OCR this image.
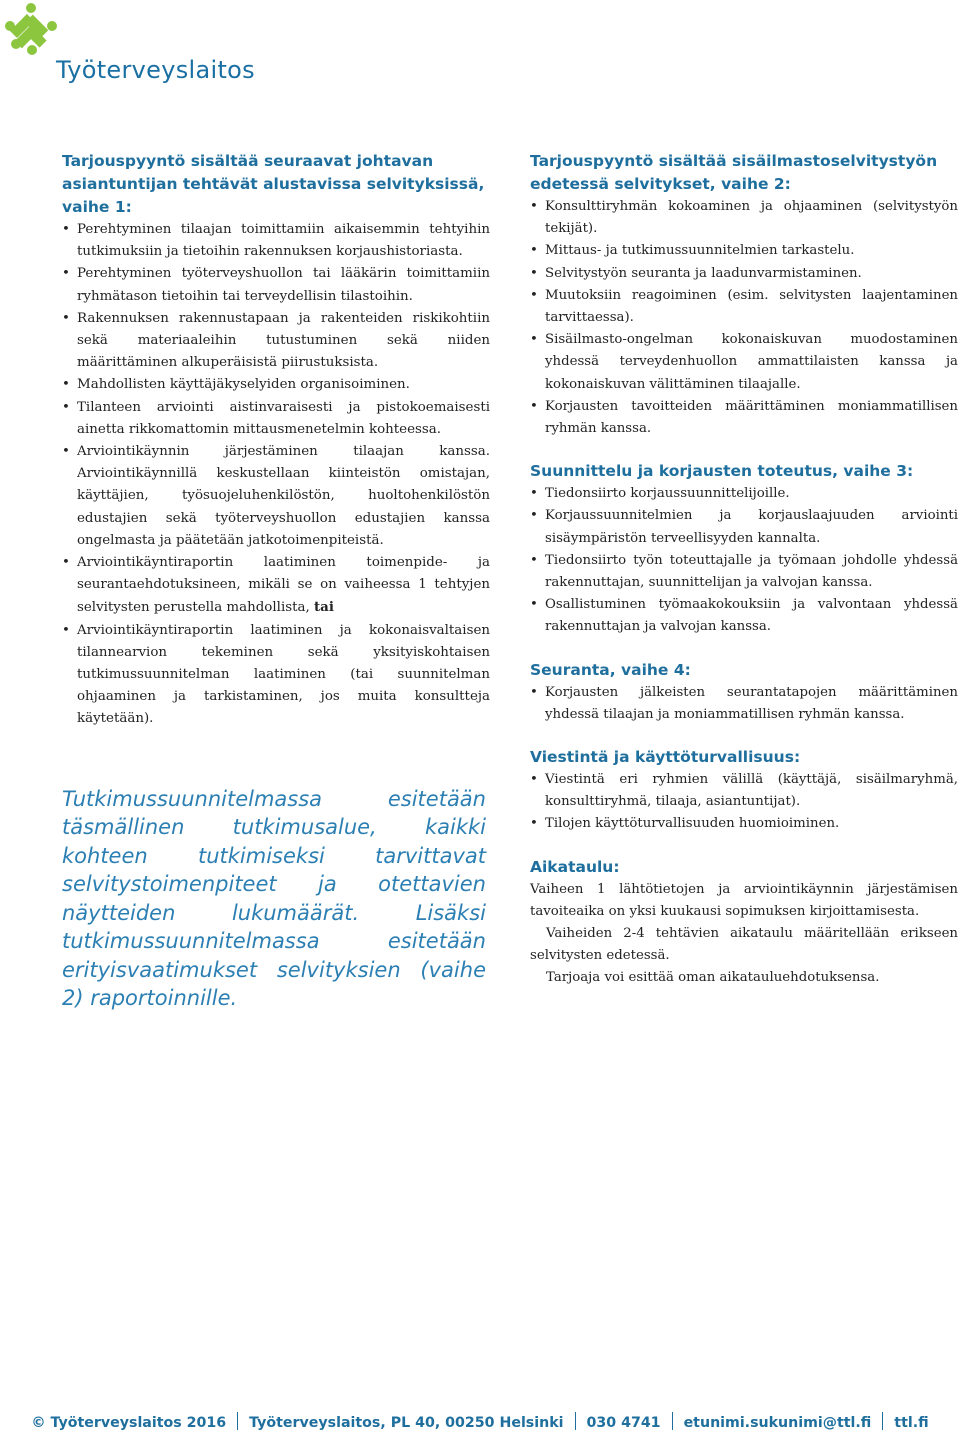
Työterveyslaitos
Tarjouspyyntö sisältää seuraavat johtavan asiantuntijan tehtävät alustavissa selvityksissä, vaihe 1:
• Perehtyminen tilaajan toimittamiin aikaisemmin tehtyihin tutkimuksiin ja tietoihin rakennuksen korjaushistoriasta.
• Perehtyminen työterveyshuollon tai lääkärin toimittamiin ryhmätason tietoihin tai terveydellisin tilastoihin.
• Rakennuksen rakennustapaan ja rakenteiden riskikohtiin sekä materiaaleihin tutustuminen sekä niiden määrittäminen alkuperäisistä piirustuksista.
• Mahdollisten käyttäjäkyselyiden organisoiminen.
• Tilanteen arviointi aistinvaraisesti ja pistokoemaisesti ainetta rikkomattomin mittausmenetelmin kohteessa.
• Arviointikäynnin järjestäminen tilaajan kanssa. Arviointikäynnillä keskustellaan kiinteistön omistajan, käyttäjien, työsuojeluhenkilöstön, huoltohenkilöstön edustajien sekä työterveyshuollon edustajien kanssa ongelmasta ja päätetään jatkotoimenpiteistä.
• Arviointikäyntiraportin laatiminen toimenpide- ja seurantaehdotuksineen, mikäli se on vaiheessa 1 tehtyjen selvitysten perustella mahdollista, tai
• Arviointikäyntiraportin laatiminen ja kokonaisvaltaisen tilannearvion tekeminen sekä yksityiskohtaisen tutkimussuunnitelman laatiminen (tai suunnitelman ohjaaminen ja tarkistaminen, jos muita konsultteja käytetään).
Tutkimussuunnitelmassa esitetään täsmällinen tutkimusalue, kaikki kohteen tutkimiseksi tarvittavat selvitystoimenpiteet ja otettavien näytteiden lukumäärät. Lisäksi tutkimussuunnitelmassa esitetään erityisvaatimukset selvityksien (vaihe 2) raportoinnille.
Tarjouspyyntö sisältää sisäilmastoselvitystyön edetessä selvitykset, vaihe 2:
• Konsulttiryhmän kokoaminen ja ohjaaminen (selvitystyön tekijät).
• Mittaus- ja tutkimussuunnitelmien tarkastelu.
• Selvitystyön seuranta ja laadunvarmistaminen.
• Muutoksiin reagoiminen (esim. selvitysten laajentaminen tarvittaessa).
• Sisäilmasto-ongelman kokonaiskuvan muodostaminen yhdessä terveydenhuollon ammattilaisten kanssa ja kokonaiskuvan välittäminen tilaajalle.
• Korjausten tavoitteiden määrittäminen moniammatillisen ryhmän kanssa.
Suunnittelu ja korjausten toteutus, vaihe 3:
• Tiedonsiirto korjaussuunnittelijoille.
• Korjaussuunnitelmien ja korjauslaajuuden arviointi sisäympäristön terveellisyyden kannalta.
• Tiedonsiirto työn toteuttajalle ja työmaan johdolle yhdessä rakennuttajan, suunnittelijan ja valvojan kanssa.
• Osallistuminen työmaakokouksiin ja valvontaan yhdessä rakennuttajan ja valvojan kanssa.
Seuranta, vaihe 4:
• Korjausten jälkeisten seurantatapojen määrittäminen yhdessä tilaajan ja moniammatillisen ryhmän kanssa.
Viestintä ja käyttöturvallisuus:
• Viestintä eri ryhmien välillä (käyttäjä, sisäilmaryhmä, konsulttiryhmä, tilaaja, asiantuntijat).
• Tilojen käyttöturvallisuuden huomioiminen.
Aikataulu:

Vaiheen 1 lähtötietojen ja arviointikäynnin järjestämisen tavoiteaika on yksi kuukausi sopimuksen kirjoittamisesta.

Vaiheiden 2-4 tehtävien aikataulu määritellään erikseen selvitysten edetessä.

Tarjoaja voi esittää oman aikatauluehdotuksensa.

© Työterveyslaitos 2016 Työterveyslaitos, PL 40, 00250 Helsinki 030 4741 etunimi.sukunimi@ttl.fi ttl.fi
